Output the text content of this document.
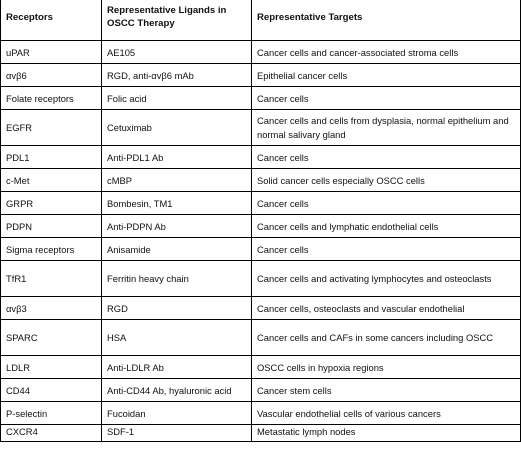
Receptors	Representative Ligands in OSCC Therapy	Representative Targets
uPAR	AE105	Cancer cells and cancer-associated stroma cells
αvβ6	RGD, anti-αvβ6 mAb	Epithelial cancer cells
Folate receptors	Folic acid	Cancer cells
EGFR	Cetuximab	Cancer cells and cells from dysplasia, normal epithelium and normal salivary gland
PDL1	Anti-PDL1 Ab	Cancer cells
c-Met	cMBP	Solid cancer cells especially OSCC cells
GRPR	Bombesin, TM1	Cancer cells
PDPN	Anti-PDPN Ab	Cancer cells and lymphatic endothelial cells
Sigma receptors	Anisamide	Cancer cells
TfR1	Ferritin heavy chain	Cancer cells and activating lymphocytes and osteoclasts
αvβ3	RGD	Cancer cells, osteoclasts and vascular endothelial
SPARC	HSA	Cancer cells and CAFs in some cancers including OSCC
LDLR	Anti-LDLR Ab	OSCC cells in hypoxia regions
CD44	Anti-CD44 Ab, hyaluronic acid	Cancer stem cells
P-selectin	Fucoidan	Vascular endothelial cells of various cancers
CXCR4	SDF-1	Metastatic lymph nodes
